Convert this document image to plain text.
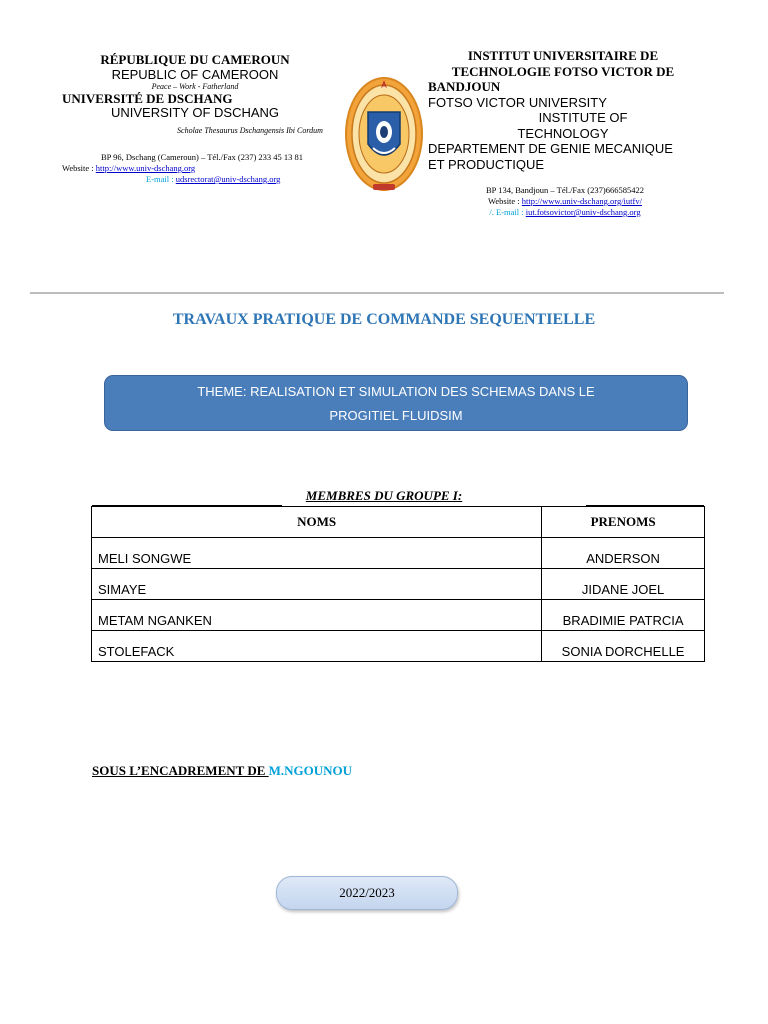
RÉPUBLIQUE DU CAMEROUN
REPUBLIC OF CAMEROON
Peace – Work - Fatherland
UNIVERSITÉ DE DSCHANG
UNIVERSITY OF DSCHANG
Scholae Thesaurus Dschangensis Ibi Cordum
BP 96, Dschang (Cameroun) – Tél./Fax (237) 233 45 13 81
Website : http://www.univ-dschang.org
E-mail : udsrectorat@univ-dschang.org
INSTITUT UNIVERSITAIRE DE
TECHNOLOGIE FOTSO VICTOR DE
BANDJOUN
FOTSO VICTOR UNIVERSITY
INSTITUTE OF
TECHNOLOGY
DEPARTEMENT DE GENIE MECANIQUE
ET PRODUCTIQUE
BP 134, Bandjoun – Tél./Fax (237)666585422
Website : http://www.univ-dschang.org/iutfv/
/. E-mail : iut.fotsovictor@univ-dschang.org
TRAVAUX PRATIQUE DE COMMANDE SEQUENTIELLE
THEME: REALISATION ET SIMULATION DES SCHEMAS DANS LE
PROGITIEL FLUIDSIM
MEMBRES DU GROUPE I:
NOMS	PRENOMS
MELI SONGWE	ANDERSON
SIMAYE	JIDANE JOEL
METAM NGANKEN	BRADIMIE PATRCIA
STOLEFACK	SONIA DORCHELLE
SOUS L’ENCADREMENT DE M.NGOUNOU
2022/2023
